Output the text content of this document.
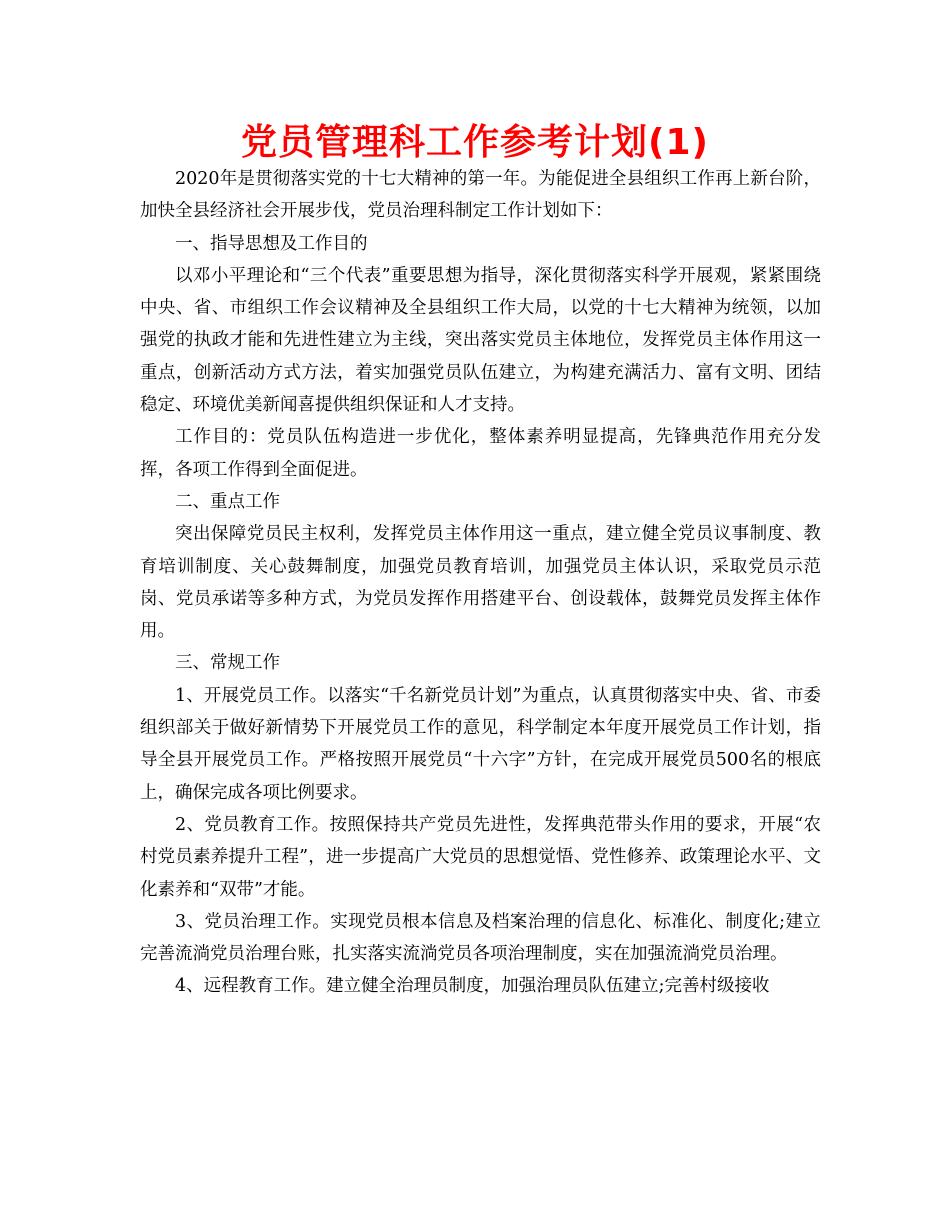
党员管理科工作参考计划(1)

2020年是贯彻落实党的十七大精神的第一年。为能促进全县组织工作再上新台阶，加快全县经济社会开展步伐，党员治理科制定工作计划如下：

一、指导思想及工作目的

以邓小平理论和“三个代表”重要思想为指导，深化贯彻落实科学开展观，紧紧围绕中央、省、市组织工作会议精神及全县组织工作大局，以党的十七大精神为统领，以加强党的执政才能和先进性建立为主线，突出落实党员主体地位，发挥党员主体作用这一重点，创新活动方式方法，着实加强党员队伍建立，为构建充满活力、富有文明、团结稳定、环境优美新闻喜提供组织保证和人才支持。

工作目的：党员队伍构造进一步优化，整体素养明显提高，先锋典范作用充分发挥，各项工作得到全面促进。

二、重点工作

突出保障党员民主权利，发挥党员主体作用这一重点，建立健全党员议事制度、教育培训制度、关心鼓舞制度，加强党员教育培训，加强党员主体认识，采取党员示范岗、党员承诺等多种方式，为党员发挥作用搭建平台、创设载体，鼓舞党员发挥主体作用。

三、常规工作

1、开展党员工作。以落实“千名新党员计划”为重点，认真贯彻落实中央、省、市委组织部关于做好新情势下开展党员工作的意见，科学制定本年度开展党员工作计划，指导全县开展党员工作。严格按照开展党员“十六字”方针，在完成开展党员500名的根底上，确保完成各项比例要求。

2、党员教育工作。按照保持共产党员先进性，发挥典范带头作用的要求，开展“农村党员素养提升工程”，进一步提高广大党员的思想觉悟、党性修养、政策理论水平、文化素养和“双带”才能。

3、党员治理工作。实现党员根本信息及档案治理的信息化、标准化、制度化;建立完善流淌党员治理台账，扎实落实流淌党员各项治理制度，实在加强流淌党员治理。

4、远程教育工作。建立健全治理员制度，加强治理员队伍建立;完善村级接收
